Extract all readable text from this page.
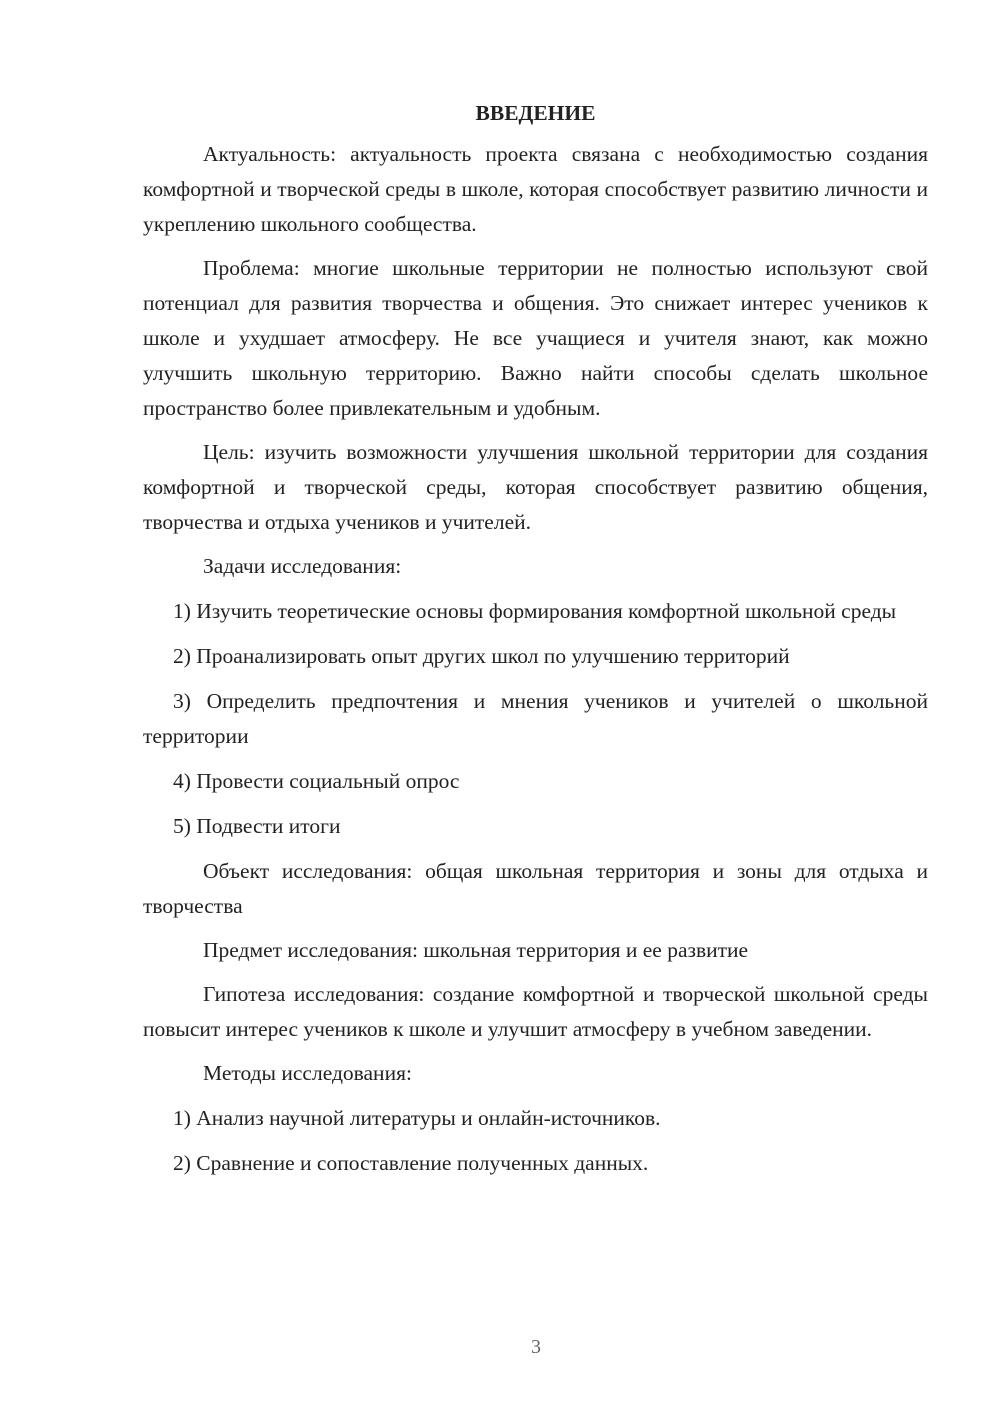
ВВЕДЕНИЕ
Актуальность: актуальность проекта связана с необходимостью создания комфортной и творческой среды в школе, которая способствует развитию личности и укреплению школьного сообщества.
Проблема: многие школьные территории не полностью используют свой потенциал для развития творчества и общения. Это снижает интерес учеников к школе и ухудшает атмосферу. Не все учащиеся и учителя знают, как можно улучшить школьную территорию. Важно найти способы сделать школьное пространство более привлекательным и удобным.
Цель: изучить возможности улучшения школьной территории для создания комфортной и творческой среды, которая способствует развитию общения, творчества и отдыха учеников и учителей.
Задачи исследования:
1) Изучить теоретические основы формирования комфортной школьной среды
2) Проанализировать опыт других школ по улучшению территорий
3) Определить предпочтения и мнения учеников и учителей о школьной территории
4) Провести социальный опрос
5) Подвести итоги
Объект исследования: общая школьная территория и зоны для отдыха и творчества
Предмет исследования: школьная территория и ее развитие
Гипотеза исследования: создание комфортной и творческой школьной среды повысит интерес учеников к школе и улучшит атмосферу в учебном заведении.
Методы исследования:
1) Анализ научной литературы и онлайн-источников.
2) Сравнение и сопоставление полученных данных.
3
